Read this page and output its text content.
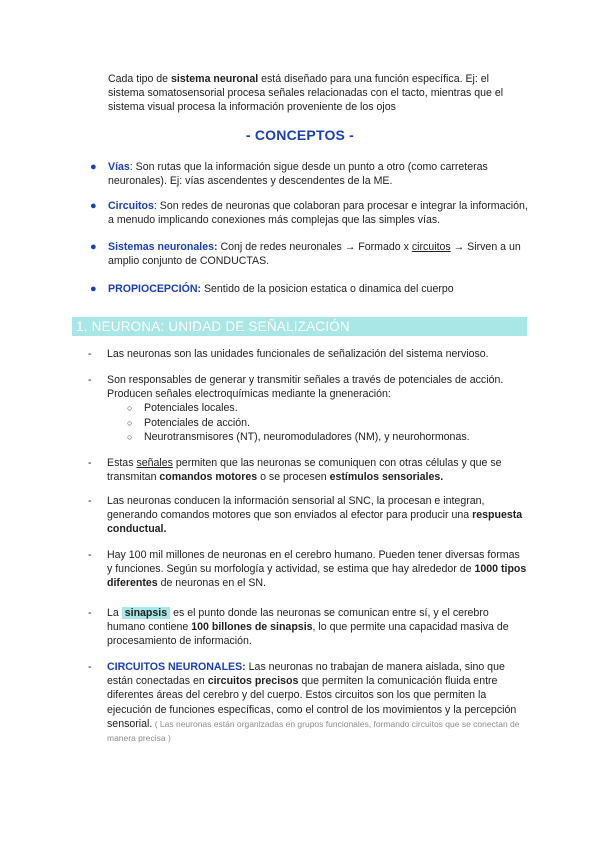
Cada tipo de sistema neuronal está diseñado para una función específica. Ej: el sistema somatosensorial procesa señales relacionadas con el tacto, mientras que el sistema visual procesa la información proveniente de los ojos
- CONCEPTOS -
● Vías: Son rutas que la información sigue desde un punto a otro (como carreteras neuronales). Ej: vías ascendentes y descendentes de la ME.
● Circuitos: Son redes de neuronas que colaboran para procesar e integrar la información, a menudo implicando conexiones más complejas que las simples vías.
● Sistemas neuronales: Conj de redes neuronales → Formado x circuitos → Sirven a un amplio conjunto de CONDUCTAS.
● PROPIOCEPCIÓN: Sentido de la posicion estatica o dinamica del cuerpo
1. NEURONA: UNIDAD DE SEÑALIZACIÓN
- Las neuronas son las unidades funcionales de señalización del sistema nervioso.
- Son responsables de generar y transmitir señales a través de potenciales de acción. Producen señales electroquímicas mediante la gneneración:
○ Potenciales locales.
○ Potenciales de acción.
○ Neurotransmisores (NT), neuromoduladores (NM), y neurohormonas.
- Estas señales permiten que las neuronas se comuniquen con otras células y que se transmitan comandos motores o se procesen estímulos sensoriales.
- Las neuronas conducen la información sensorial al SNC, la procesan e integran, generando comandos motores que son enviados al efector para producir una respuesta conductual.
- Hay 100 mil millones de neuronas en el cerebro humano. Pueden tener diversas formas y funciones. Según su morfología y actividad, se estima que hay alrededor de 1000 tipos diferentes de neuronas en el SN.
- La sinapsis es el punto donde las neuronas se comunican entre sí, y el cerebro humano contiene 100 billones de sinapsis, lo que permite una capacidad masiva de procesamiento de información.
- CIRCUITOS NEURONALES: Las neuronas no trabajan de manera aislada, sino que están conectadas en circuitos precisos que permiten la comunicación fluida entre diferentes áreas del cerebro y del cuerpo. Estos circuitos son los que permiten la ejecución de funciones específicas, como el control de los movimientos y la percepción sensorial. ( Las neuronas están organizadas en grupos funcionales, formando circuitos que se conectan de manera precisa )
